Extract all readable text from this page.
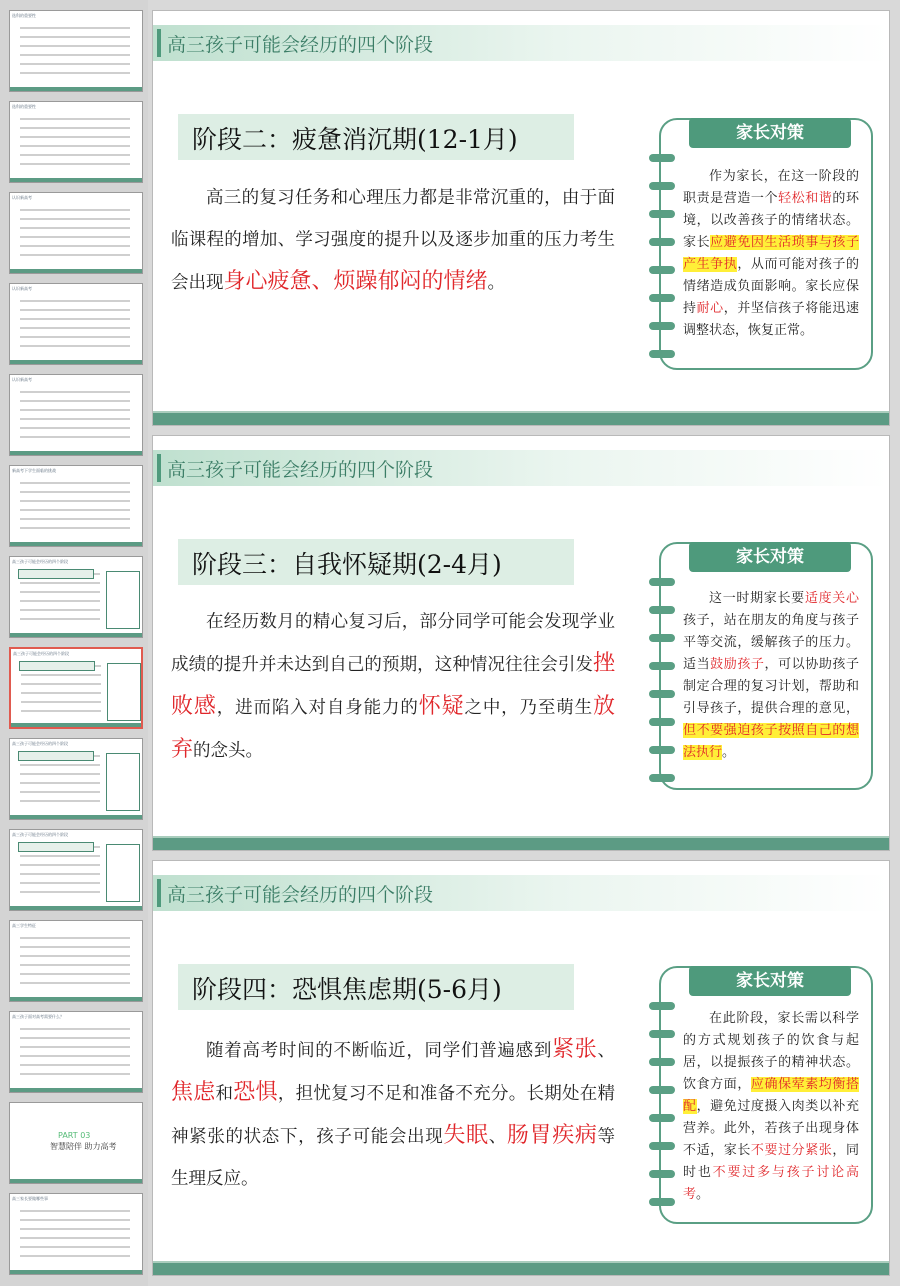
选科的重要性
选科的重要性
认识新高考
认识新高考
认识新高考
新高考下学生面临的挑战
高三孩子可能会经历的四个阶段
高三孩子可能会经历的四个阶段
高三孩子可能会经历的四个阶段
高三孩子可能会经历的四个阶段
高三学生特征
高三孩子面对高考需要什么？
PART 03
智慧陪伴 助力高考
高三家长要做哪些事
高三孩子可能会经历的四个阶段
阶段二：疲惫消沉期(12-1月)
高三的复习任务和心理压力都是非常沉重的，由于面临课程的增加、学习强度的提升以及逐步加重的压力考生会出现身心疲惫、烦躁郁闷的情绪。
家长对策
作为家长，在这一阶段的职责是营造一个轻松和谐的环境，以改善孩子的情绪状态。家长应避免因生活琐事与孩子产生争执，从而可能对孩子的情绪造成负面影响。家长应保持耐心，并坚信孩子将能迅速调整状态，恢复正常。
高三孩子可能会经历的四个阶段
阶段三：自我怀疑期(2-4月)
在经历数月的精心复习后，部分同学可能会发现学业成绩的提升并未达到自己的预期，这种情况往往会引发挫败感，进而陷入对自身能力的怀疑之中，乃至萌生放弃的念头。
家长对策
这一时期家长要适度关心孩子，站在朋友的角度与孩子平等交流，缓解孩子的压力。适当鼓励孩子，可以协助孩子制定合理的复习计划，帮助和引导孩子，提供合理的意见，但不要强迫孩子按照自己的想法执行。
高三孩子可能会经历的四个阶段
阶段四：恐惧焦虑期(5-6月)
随着高考时间的不断临近，同学们普遍感到紧张、焦虑和恐惧，担忧复习不足和准备不充分。长期处在精神紧张的状态下，孩子可能会出现失眠、肠胃疾病等生理反应。
家长对策
在此阶段，家长需以科学的方式规划孩子的饮食与起居，以提振孩子的精神状态。饮食方面，应确保荤素均衡搭配，避免过度摄入肉类以补充营养。此外，若孩子出现身体不适，家长不要过分紧张，同时也不要过多与孩子讨论高考。
